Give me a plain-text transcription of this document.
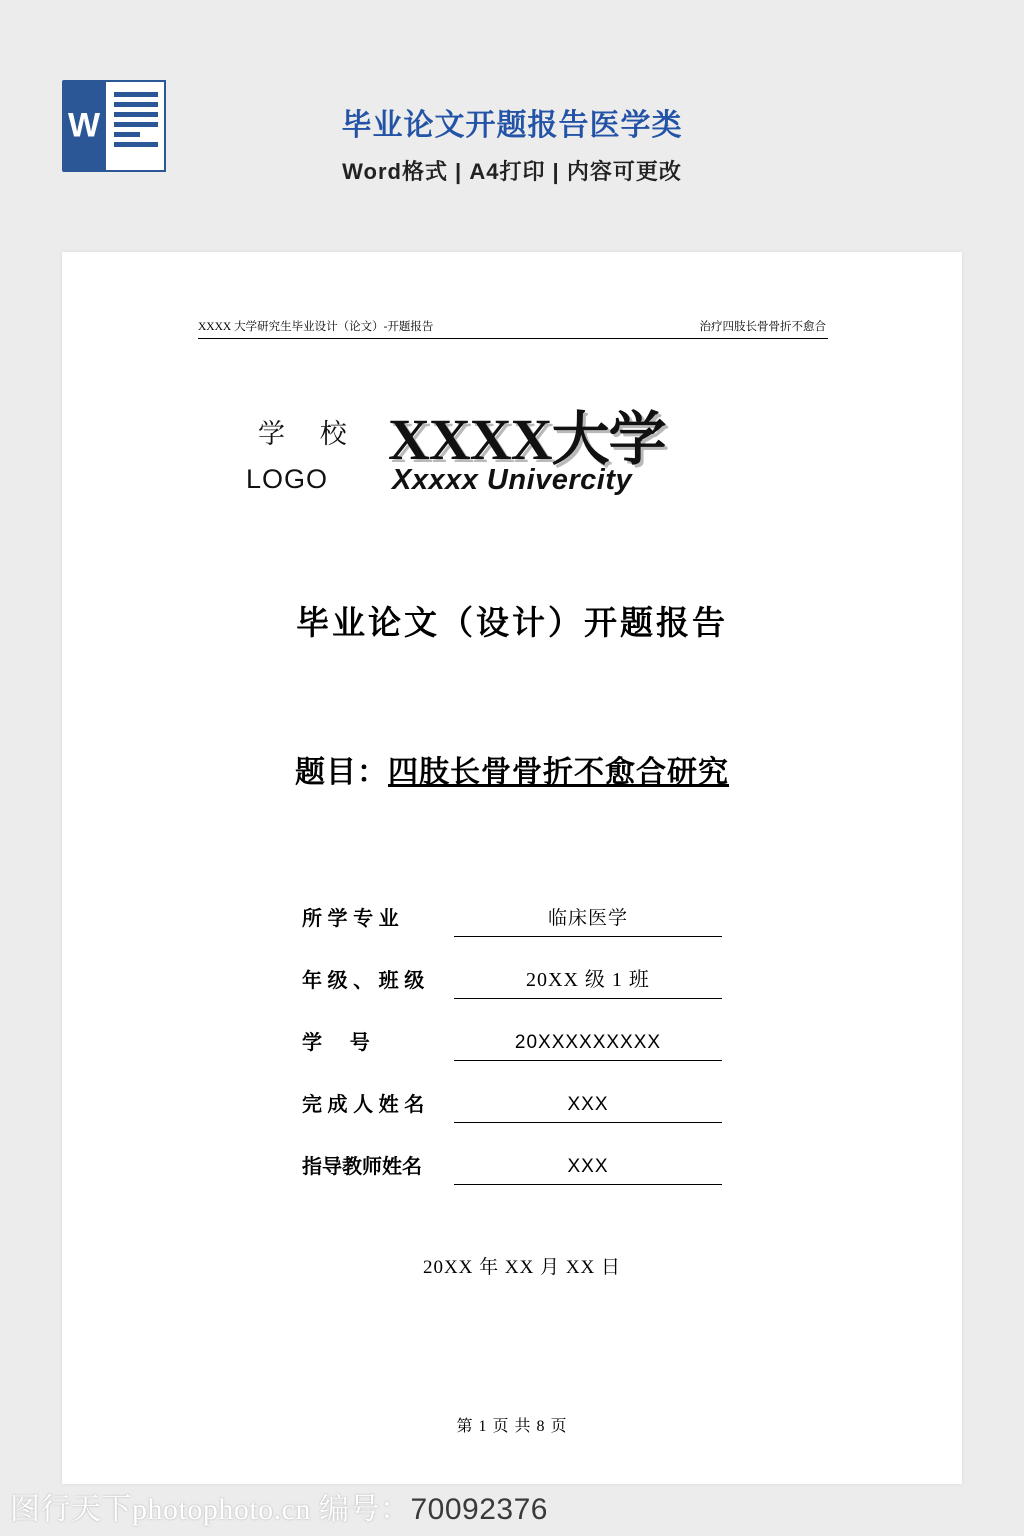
W	毕业论文开题报告医学类
Word格式 | A4打印 | 内容可更改
XXXX 大学研究生毕业设计（论文）-开题报告	治疗四肢长骨骨折不愈合
学 校
LOGO
XXXX大学
Xxxxx Univercity
毕业论文（设计）开题报告
题目：四肢长骨骨折不愈合研究
所 学 专 业	临床医学
年 级 、 班 级	20XX 级 1 班
学     号	20XXXXXXXXX
完 成 人 姓 名	XXX
指导教师姓名	XXX
20XX 年 XX 月 XX 日
第 1 页 共 8 页
图行天下photophoto.cn 编号：70092376
